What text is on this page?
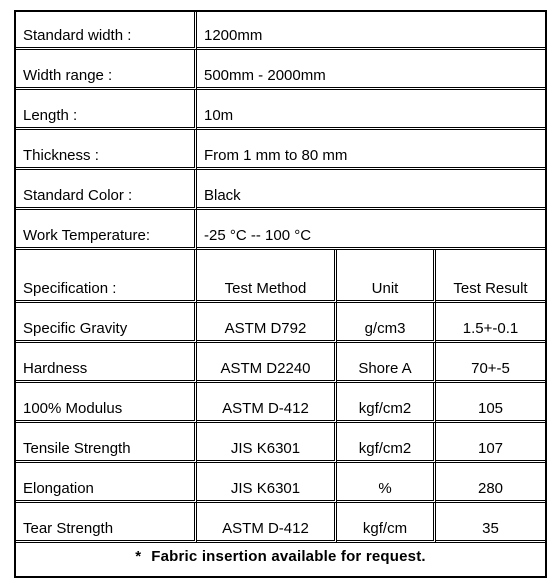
Standard width :	1200mm		

Width range :	500mm - 2000mm		

Length :	10m		

Thickness :	From 1 mm to 80 mm		

Standard Color :	Black		

Work Temperature:	-25 °C -- 100 °C		

Specification :	Test Method	Unit	Test Result

Specific Gravity	ASTM D792	g/cm3	1.5+-0.1

Hardness	ASTM D2240	Shore A	70+-5

100% Modulus	ASTM D-412	kgf/cm2	105

Tensile Strength	JIS K6301	kgf/cm2	107

Elongation	JIS K6301	%	280

Tear Strength	ASTM D-412	kgf/cm	35
* Fabric insertion available for request.
